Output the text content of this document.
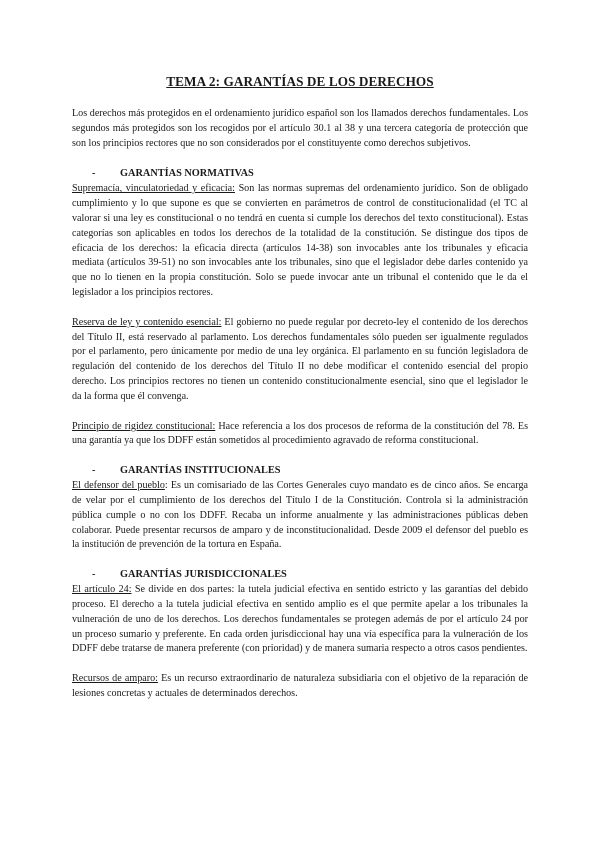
TEMA 2: GARANTÍAS DE LOS DERECHOS

Los derechos más protegidos en el ordenamiento jurídico español son los llamados derechos fundamentales. Los segundos más protegidos son los recogidos por el artículo 30.1 al 38 y una tercera categoría de protección que son los principios rectores que no son considerados por el constituyente como derechos subjetivos.

- GARANTÍAS NORMATIVAS

Supremacía, vinculatoriedad y eficacia: Son las normas supremas del ordenamiento jurídico. Son de obligado cumplimiento y lo que supone es que se convierten en parámetros de control de constitucionalidad (el TC al valorar si una ley es constitucional o no tendrá en cuenta si cumple los derechos del texto constitucional). Estas categorías son aplicables en todos los derechos de la totalidad de la constitución. Se distingue dos tipos de eficacia de los derechos: la eficacia directa (artículos 14-38) son invocables ante los tribunales y eficacia mediata (artículos 39-51) no son invocables ante los tribunales, sino que el legislador debe darles contenido ya que no lo tienen en la propia constitución. Solo se puede invocar ante un tribunal el contenido que le da el legislador a los principios rectores.

Reserva de ley y contenido esencial: El gobierno no puede regular por decreto-ley el contenido de los derechos del Título II, está reservado al parlamento. Los derechos fundamentales sólo pueden ser igualmente regulados por el parlamento, pero únicamente por medio de una ley orgánica. El parlamento en su función legisladora de regulación del contenido de los derechos del Título II no debe modificar el contenido esencial del propio derecho. Los principios rectores no tienen un contenido constitucionalmente esencial, sino que el legislador le da la forma que él convenga.

Principio de rigidez constitucional: Hace referencia a los dos procesos de reforma de la constitución del 78. Es una garantía ya que los DDFF están sometidos al procedimiento agravado de reforma constitucional.

- GARANTÍAS INSTITUCIONALES

El defensor del pueblo: Es un comisariado de las Cortes Generales cuyo mandato es de cinco años. Se encarga de velar por el cumplimiento de los derechos del Título I de la Constitución. Controla si la administración pública cumple o no con los DDFF. Recaba un informe anualmente y las administraciones públicas deben colaborar. Puede presentar recursos de amparo y de inconstitucionalidad. Desde 2009 el defensor del pueblo es la institución de prevención de la tortura en España.

- GARANTÍAS JURISDICCIONALES

El artículo 24: Se divide en dos partes: la tutela judicial efectiva en sentido estricto y las garantías del debido proceso. El derecho a la tutela judicial efectiva en sentido amplio es el que permite apelar a los tribunales la vulneración de uno de los derechos. Los derechos fundamentales se protegen además de por el artículo 24 por un proceso sumario y preferente. En cada orden jurisdiccional hay una vía específica para la vulneración de los DDFF debe tratarse de manera preferente (con prioridad) y de manera sumaria respecto a otros casos pendientes.

Recursos de amparo: Es un recurso extraordinario de naturaleza subsidiaria con el objetivo de la reparación de lesiones concretas y actuales de determinados derechos.
